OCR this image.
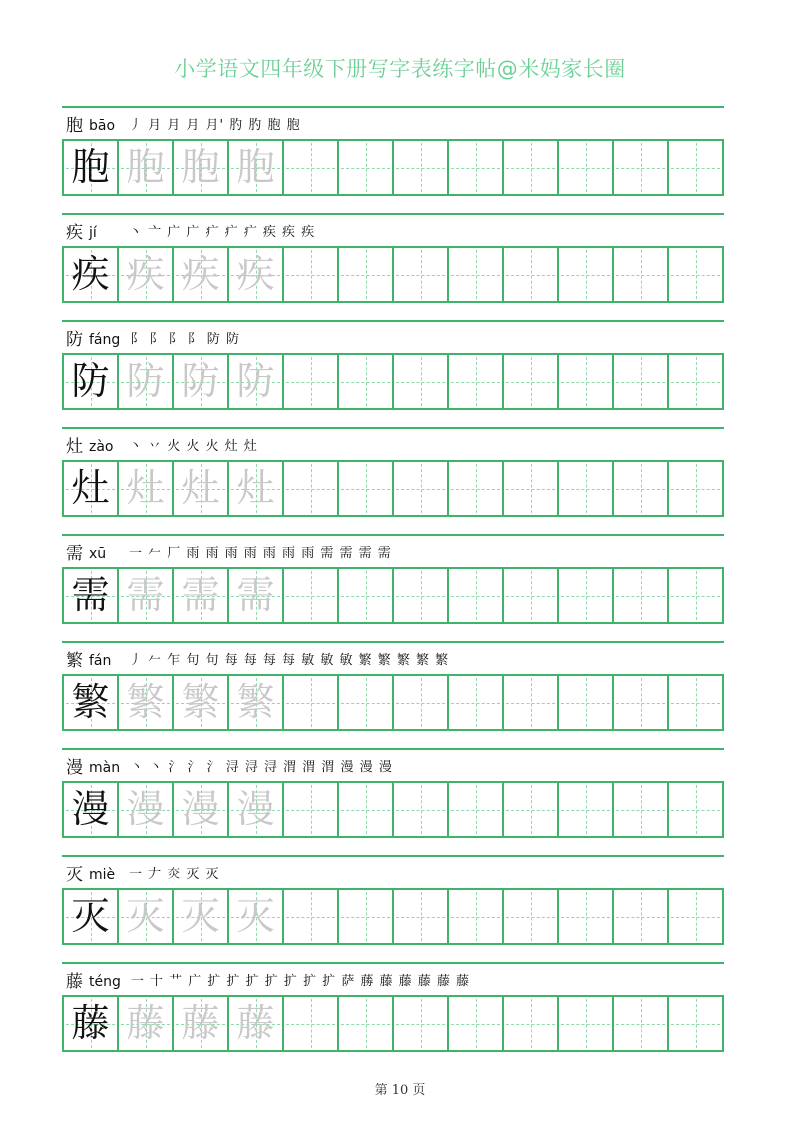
小学语文四年级下册写字表练字帖@米妈家长圈
胞 bāo 丿 月 月 月 月' 肑 肑 胞 胞
胞 胞 胞 胞
疾 jí 丶 亠 广 广 疒 疒 疒 疾 疾 疾
疾 疾 疾 疾
防 fáng ⻖ 阝 阝 阝 防 防
防 防 防 防
灶 zào 丶 丷 火 火 火 灶 灶
灶 灶 灶 灶
需 xū 一 𠂉 厂 雨 雨 雨 雨 雨 雨 雨 需 需 需 需
需 需 需 需
繁 fán 丿 𠂉 乍 句 句 每 每 每 每 敏 敏 敏 繁 繁 繁 繁 繁
繁 繁 繁 繁
漫 màn 丶 丶 氵 氵 氵 浔 浔 浔 渭 渭 渭 漫 漫 漫
漫 漫 漫 漫
灭 miè 一 𠂇 𤆍 灭 灭
灭 灭 灭 灭
藤 téng 一 十 艹 广 扩 扩 扩 扩 扩 扩 扩 萨 蕂 藤 藤 藤 藤 藤
藤 藤 藤 藤
第 10 页
